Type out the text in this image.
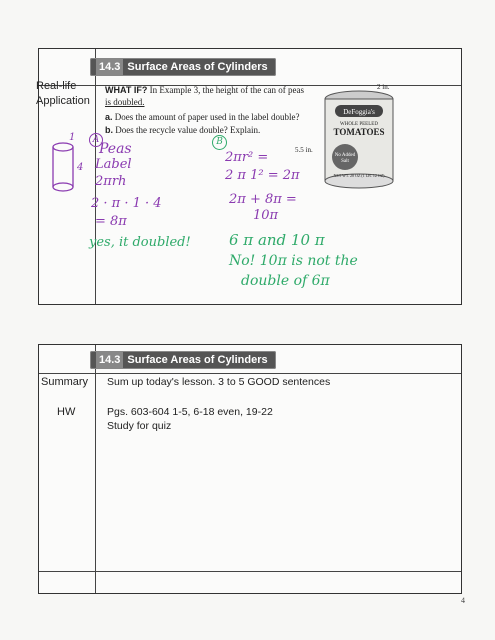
14.3 Surface Areas of Cylinders
Real-life
Application
WHAT IF? In Example 3, the height of the can of peas
is doubled.
a. Does the amount of paper used in the label double?
b. Does the recycle value double? Explain.
DeFoggia's
WHOLE PEELED
TOMATOES
No Added
Salt
NET WT. 28 OZ (1 LB. 12 OZ)
2 in.
5.5 in.
1
4
A
Peas
Label
2πrh
2 · π · 1 · 4
= 8π
yes, it doubled!
B
2πr² =
2 π 1² = 2π
2π + 8π =
10π
6 π and 10 π
No! 10π is not the
double of 6π
14.3 Surface Areas of Cylinders
Summary Sum up today's lesson. 3 to 5 GOOD sentences
HW	Pgs. 603-604 1-5, 6-18 even, 19-22
Study for quiz
4
